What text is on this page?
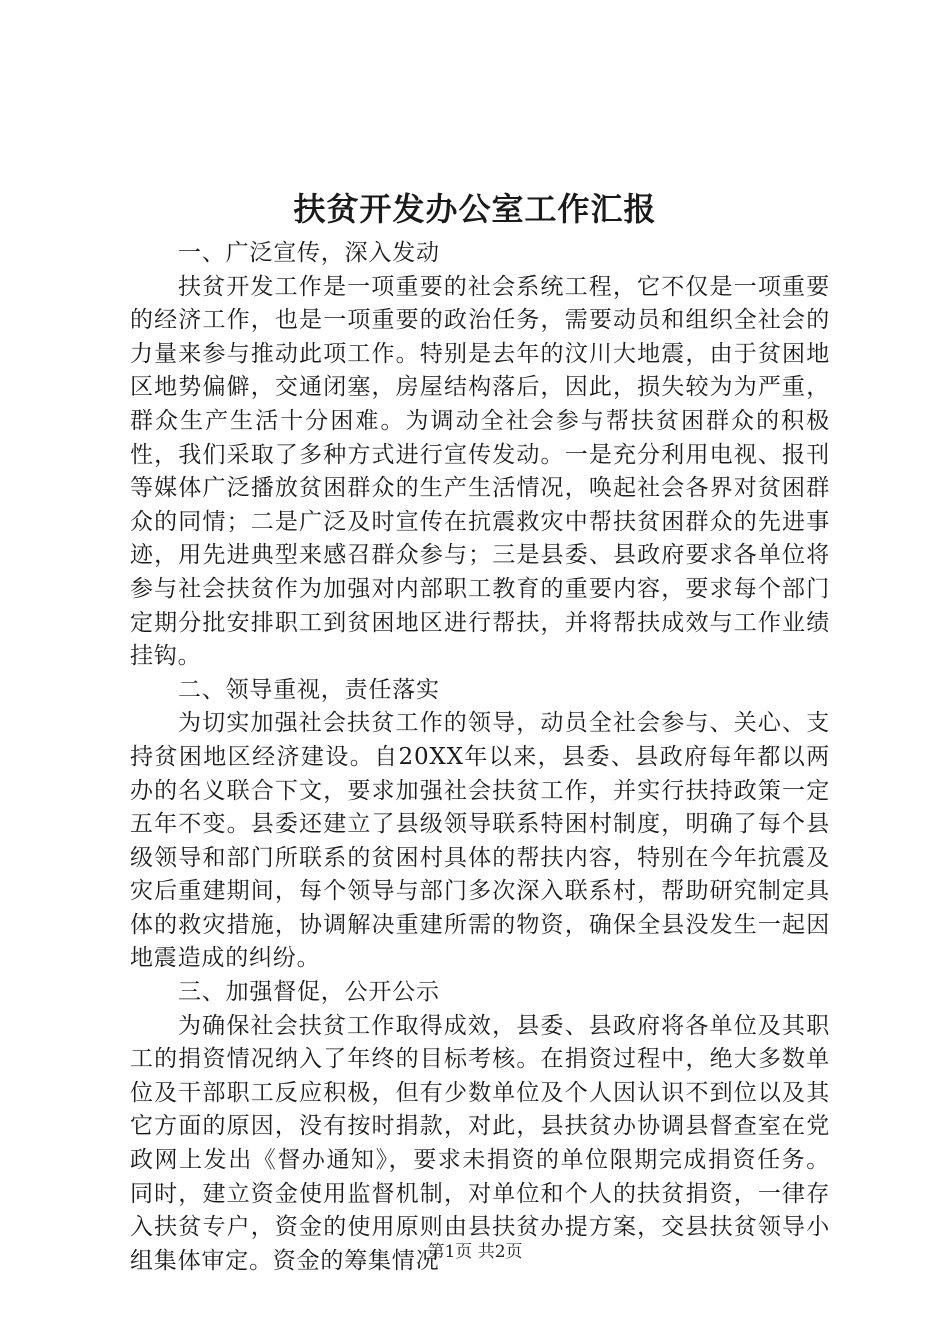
扶贫开发办公室工作汇报

一、广泛宣传，深入发动

扶贫开发工作是一项重要的社会系统工程，它不仅是一项重要的经济工作，也是一项重要的政治任务，需要动员和组织全社会的力量来参与推动此项工作。特别是去年的汶川大地震，由于贫困地区地势偏僻，交通闭塞，房屋结构落后，因此，损失较为为严重，群众生产生活十分困难。为调动全社会参与帮扶贫困群众的积极性，我们采取了多种方式进行宣传发动。一是充分利用电视、报刊等媒体广泛播放贫困群众的生产生活情况，唤起社会各界对贫困群众的同情；二是广泛及时宣传在抗震救灾中帮扶贫困群众的先进事迹，用先进典型来感召群众参与；三是县委、县政府要求各单位将参与社会扶贫作为加强对内部职工教育的重要内容，要求每个部门定期分批安排职工到贫困地区进行帮扶，并将帮扶成效与工作业绩挂钩。

二、领导重视，责任落实

为切实加强社会扶贫工作的领导，动员全社会参与、关心、支持贫困地区经济建设。自20XX年以来，县委、县政府每年都以两办的名义联合下文，要求加强社会扶贫工作，并实行扶持政策一定五年不变。县委还建立了县级领导联系特困村制度，明确了每个县级领导和部门所联系的贫困村具体的帮扶内容，特别在今年抗震及灾后重建期间，每个领导与部门多次深入联系村，帮助研究制定具体的救灾措施，协调解决重建所需的物资，确保全县没发生一起因地震造成的纠纷。

三、加强督促，公开公示

为确保社会扶贫工作取得成效，县委、县政府将各单位及其职工的捐资情况纳入了年终的目标考核。在捐资过程中，绝大多数单位及干部职工反应积极，但有少数单位及个人因认识不到位以及其它方面的原因，没有按时捐款，对此，县扶贫办协调县督查室在党政网上发出《督办通知》，要求未捐资的单位限期完成捐资任务。同时，建立资金使用监督机制，对单位和个人的扶贫捐资，一律存入扶贫专户，资金的使用原则由县扶贫办提方案，交县扶贫领导小组集体审定。资金的筹集情况

第1页 共2页
